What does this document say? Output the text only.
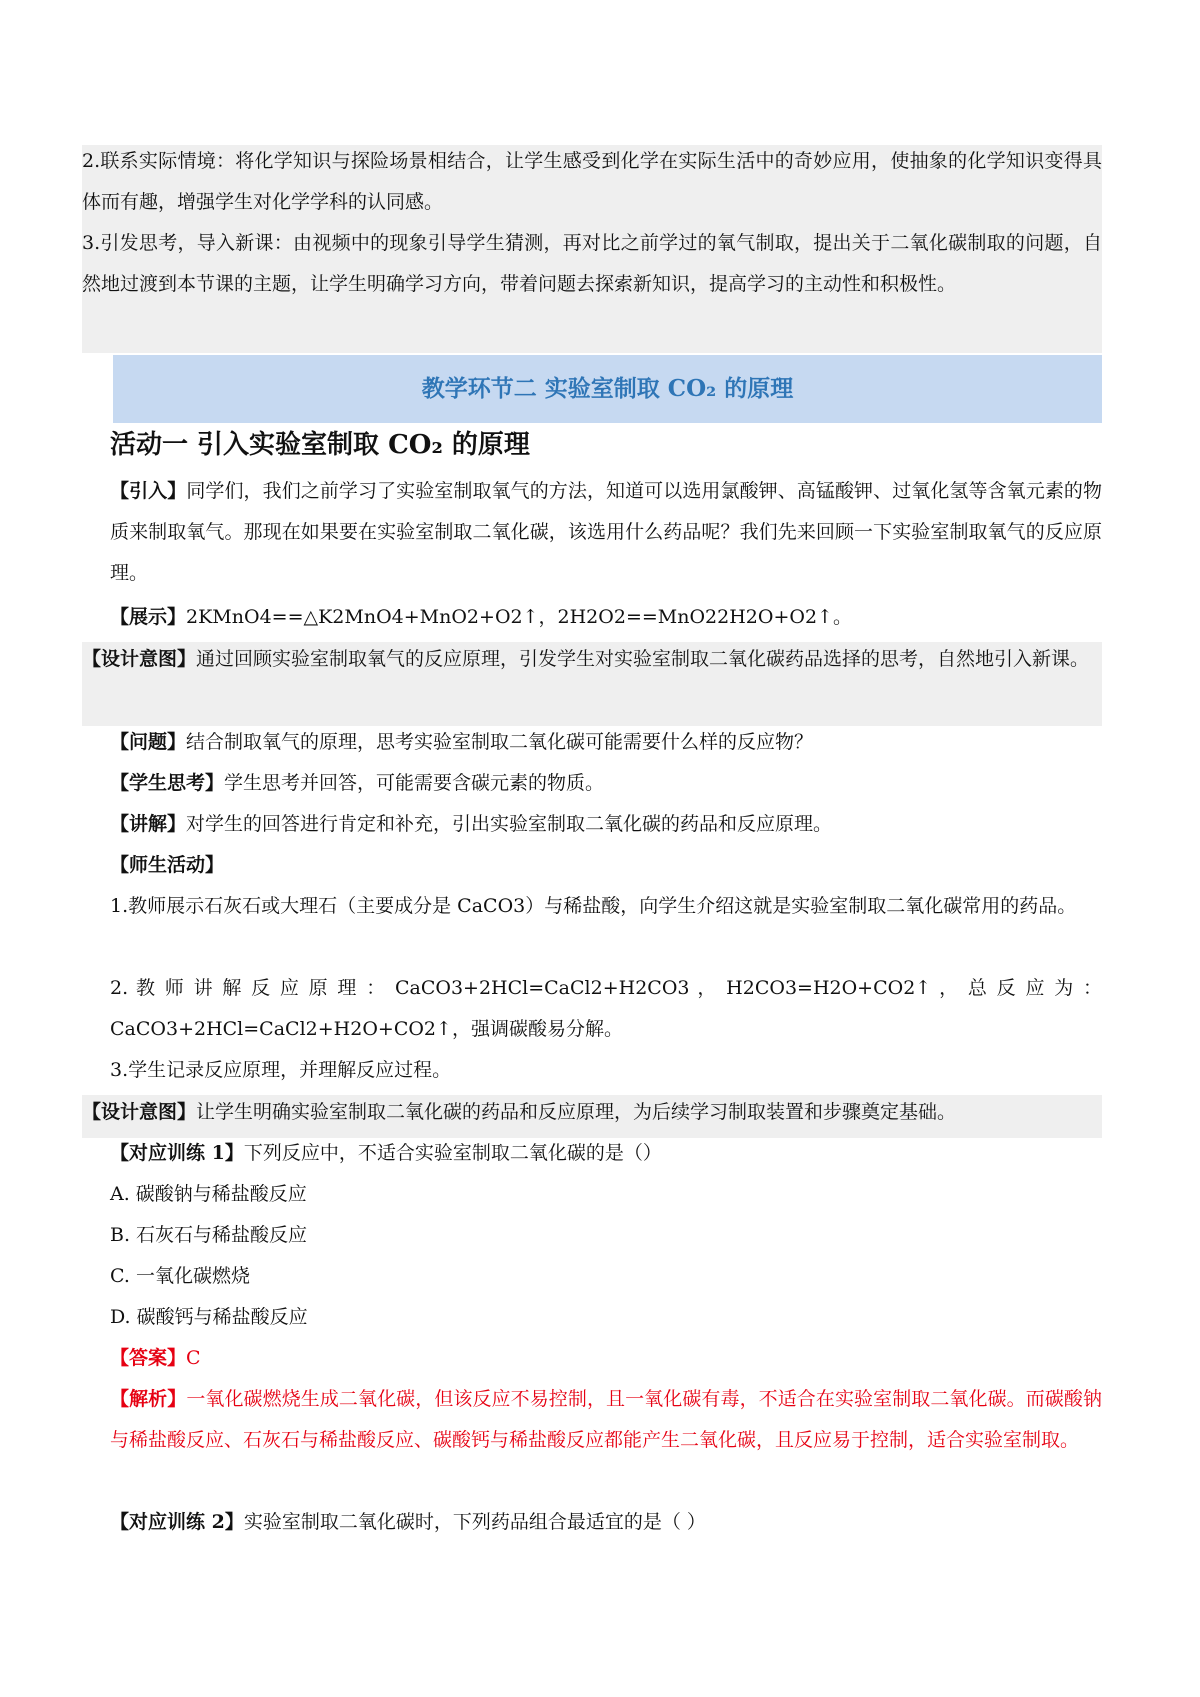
2.联系实际情境：将化学知识与探险场景相结合，让学生感受到化学在实际生活中的奇妙应用，使抽象的化学知识变得具体而有趣，增强学生对化学学科的认同感。
3.引发思考，导入新课：由视频中的现象引导学生猜测，再对比之前学过的氧气制取，提出关于二氧化碳制取的问题，自然地过渡到本节课的主题，让学生明确学习方向，带着问题去探索新知识，提高学习的主动性和积极性。
教学环节二 实验室制取 CO₂ 的原理
活动一 引入实验室制取 CO₂ 的原理
【引入】同学们，我们之前学习了实验室制取氧气的方法，知道可以选用氯酸钾、高锰酸钾、过氧化氢等含氧元素的物质来制取氧气。那现在如果要在实验室制取二氧化碳，该选用什么药品呢？我们先来回顾一下实验室制取氧气的反应原理。
【展示】2KMnO4==△K2MnO4+MnO2+O2↑，2H2O2==MnO22H2O+O2↑。
【设计意图】通过回顾实验室制取氧气的反应原理，引发学生对实验室制取二氧化碳药品选择的思考，自然地引入新课。
【问题】结合制取氧气的原理，思考实验室制取二氧化碳可能需要什么样的反应物？
【学生思考】学生思考并回答，可能需要含碳元素的物质。
【讲解】对学生的回答进行肯定和补充，引出实验室制取二氧化碳的药品和反应原理。
【师生活动】
1.教师展示石灰石或大理石（主要成分是 CaCO3）与稀盐酸，向学生介绍这就是实验室制取二氧化碳常用的药品。
2. 教 师 讲 解 反 应 原 理 ： CaCO3+2HCl=CaCl2+H2CO3 ， H2CO3=H2O+CO2↑ ， 总 反 应 为 ： CaCO3+2HCl=CaCl2+H2O+CO2↑，强调碳酸易分解。
3.学生记录反应原理，并理解反应过程。
【设计意图】让学生明确实验室制取二氧化碳的药品和反应原理，为后续学习制取装置和步骤奠定基础。
【对应训练 1】下列反应中，不适合实验室制取二氧化碳的是（）
A. 碳酸钠与稀盐酸反应
B. 石灰石与稀盐酸反应
C. 一氧化碳燃烧
D. 碳酸钙与稀盐酸反应
【答案】C
【解析】一氧化碳燃烧生成二氧化碳，但该反应不易控制，且一氧化碳有毒，不适合在实验室制取二氧化碳。而碳酸钠与稀盐酸反应、石灰石与稀盐酸反应、碳酸钙与稀盐酸反应都能产生二氧化碳，且反应易于控制，适合实验室制取。
【对应训练 2】实验室制取二氧化碳时，下列药品组合最适宜的是（ ）
